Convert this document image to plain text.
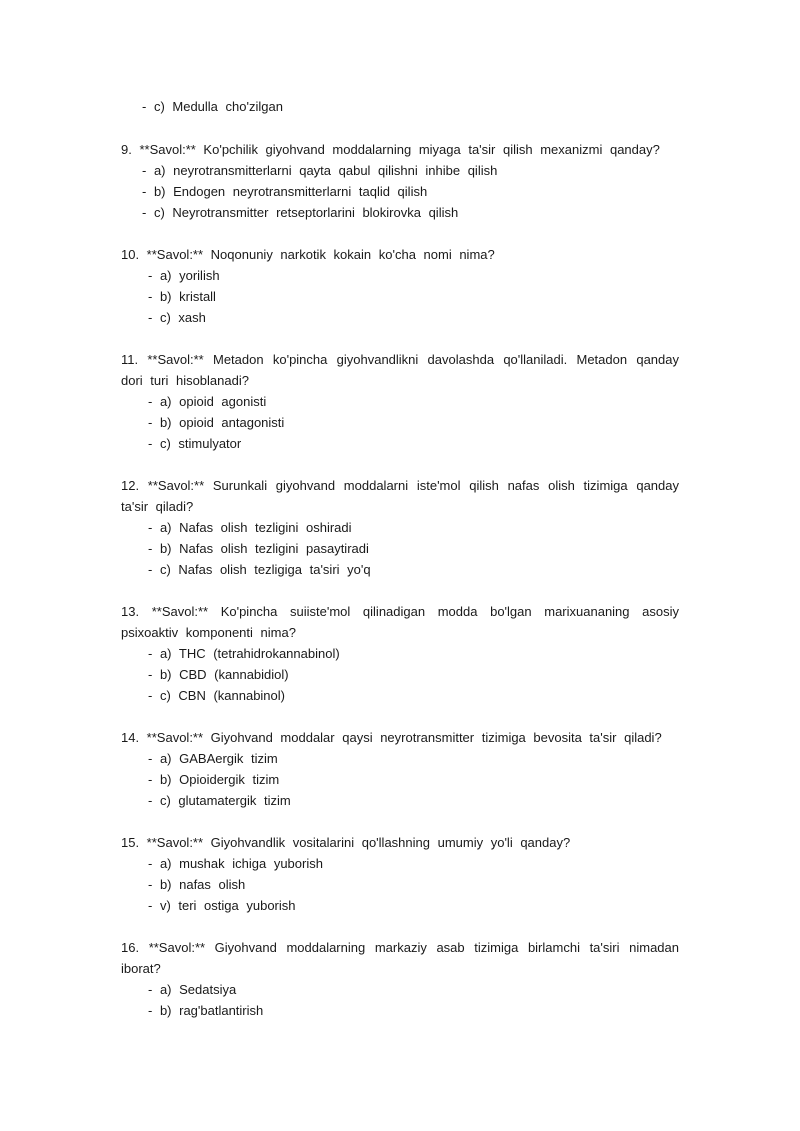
- c) Medulla cho'zilgan
9. **Savol:** Ko'pchilik giyohvand moddalarning miyaga ta'sir qilish mexanizmi qanday?
- a) neyrotransmitterlarni qayta qabul qilishni inhibe qilish
- b) Endogen neyrotransmitterlarni taqlid qilish
- c) Neyrotransmitter retseptorlarini blokirovka qilish
10. **Savol:** Noqonuniy narkotik kokain ko'cha nomi nima?
- a) yorilish
- b) kristall
- c) xash
11. **Savol:** Metadon ko'pincha giyohvandlikni davolashda qo'llaniladi. Metadon qanday
dori turi hisoblanadi?
- a) opioid agonisti
- b) opioid antagonisti
- c) stimulyator
12. **Savol:** Surunkali giyohvand moddalarni iste'mol qilish nafas olish tizimiga qanday
ta'sir qiladi?
- a) Nafas olish tezligini oshiradi
- b) Nafas olish tezligini pasaytiradi
- c) Nafas olish tezligiga ta'siri yo'q
13. **Savol:** Ko'pincha suiiste'mol qilinadigan modda bo'lgan marixuananing asosiy
psixoaktiv komponenti nima?
- a) THC (tetrahidrokannabinol)
- b) CBD (kannabidiol)
- c) CBN (kannabinol)
14. **Savol:** Giyohvand moddalar qaysi neyrotransmitter tizimiga bevosita ta'sir qiladi?
- a) GABAergik tizim
- b) Opioidergik tizim
- c) glutamatergik tizim
15. **Savol:** Giyohvandlik vositalarini qo'llashning umumiy yo'li qanday?
- a) mushak ichiga yuborish
- b) nafas olish
- v) teri ostiga yuborish
16. **Savol:** Giyohvand moddalarning markaziy asab tizimiga birlamchi ta'siri nimadan
iborat?
- a) Sedatsiya
- b) rag'batlantirish
